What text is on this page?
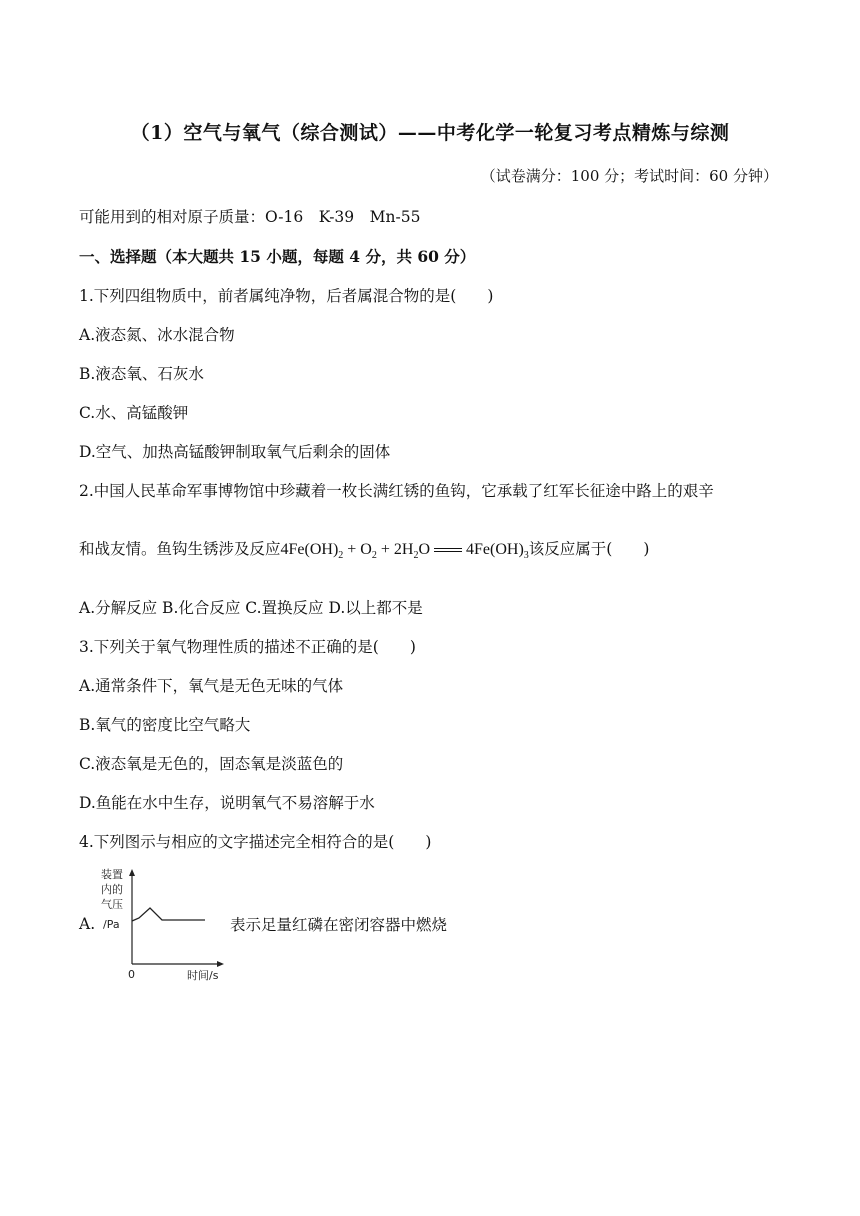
（1）空气与氧气（综合测试）——中考化学一轮复习考点精炼与综测
（试卷满分：100 分；考试时间：60 分钟）
可能用到的相对原子质量：O-16　K-39　Mn-55
一、选择题（本大题共 15 小题，每题 4 分，共 60 分）
1.下列四组物质中，前者属纯净物，后者属混合物的是(　　)
A.液态氮、冰水混合物
B.液态氧、石灰水
C.水、高锰酸钾
D.空气、加热高锰酸钾制取氧气后剩余的固体
2.中国人民革命军事博物馆中珍藏着一枚长满红锈的鱼钩，它承载了红军长征途中路上的艰辛
和战友情。鱼钩生锈涉及反应$4Fe(OH)_2 + O_2 + 2H_2O$ $4Fe(OH)_3$该反应属于(　　)
A.分解反应 B.化合反应 C.置换反应 D.以上都不是
3.下列关于氧气物理性质的描述不正确的是(　　)
A.通常条件下，氧气是无色无味的气体
B.氧气的密度比空气略大
C.液态氧是无色的，固态氧是淡蓝色的
D.鱼能在水中生存，说明氧气不易溶解于水
4.下列图示与相应的文字描述完全相符合的是(　　)
A.
装置
内的
气压
/Pa
0	时间/s
表示足量红磷在密闭容器中燃烧
